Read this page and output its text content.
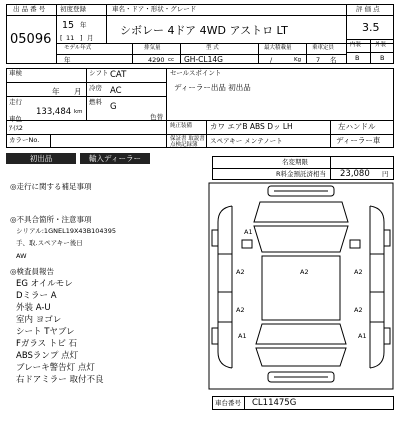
出 品 番 号
05096
初度登録
15 年
[ 11 ] 月
車名・ドア・形状・グレード
シボレー 4ドア 4WD アストロ LT
評 価 点
3.5
モデル年式
年
排気量
4290 cc
型 式
GH-CL14G
最大積載量
/	Kg
乗車定員
7 名
内装	外装
B	B
車検
年 月
シフト CAT
冷房 AC
走行
133,484 km
燃料 G
色替
車色
ｱｲｽ2
セールスポイント
ディーラー出品 初出品
純正装備 カワ エアB ABS Dッ LH	左ハンドル
カラーNo.	保証書 取説書
点検記録簿
スペアキー メンテノート	ディーラー車
初出品	輸入ディーラー	名変期限
R料金預託済相当 23,080 円
◎走行に関する補足事項
◎不具合箇所・注意事項
シリアル:1GNEL19X43B104395
手、取.スペアキー後日
AW
◎検査員報告
EG オイルモレ
Dミラー A
外装 A-U
室内 ヨゴレ
シート Tヤブレ
Fガラス トビ 石
ABSランプ 点灯
ブレーキ警告灯 点灯
右ドアミラー 取付不良
A1
A2	A2	A2
A2	A2
A1	A1
車台番号 CL11475G
